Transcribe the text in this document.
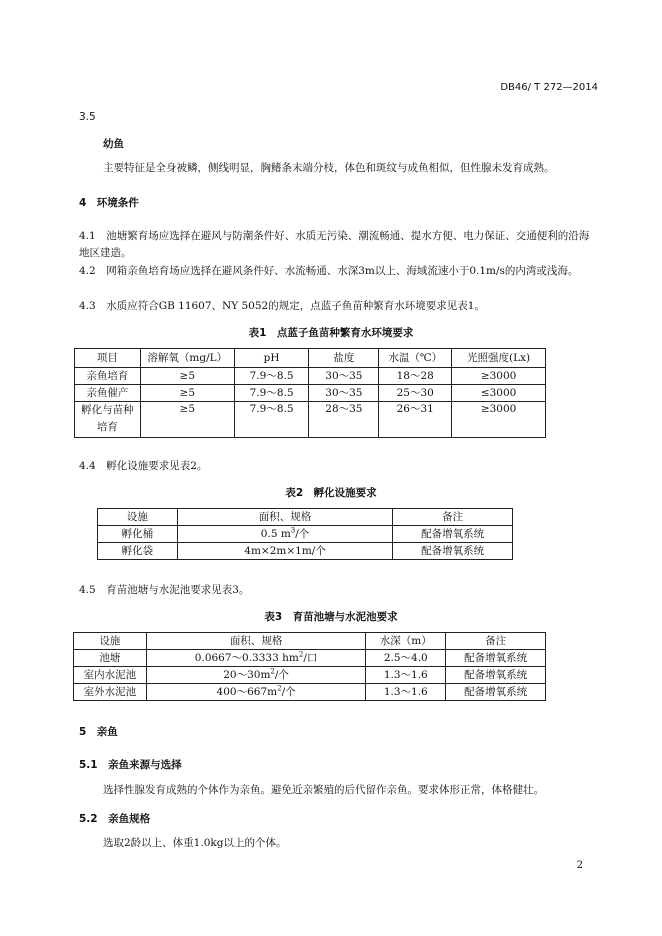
DB46/ T 272—2014
3.5
幼鱼
主要特征是全身被鳞，侧线明显，胸鳍条末端分枝，体色和斑纹与成鱼相似，但性腺未发育成熟。
4　环境条件
4.1　池塘繁育场应选择在避风与防潮条件好、水质无污染、潮流畅通、提水方便、电力保证、交通便利的沿海地区建造。
4.2　网箱亲鱼培育场应选择在避风条件好、水流畅通、水深3m以上、海域流速小于0.1m/s的内湾或浅海。
4.3　水质应符合GB 11607、NY 5052的规定，点蓝子鱼苗种繁育水环境要求见表1。
表1　点蓝子鱼苗种繁育水环境要求
项目	溶解氧（mg/L）	pH	盐度	水温（℃）	光照强度(Lx)
亲鱼培育	≥5	7.9～8.5	30～35	18～28	≥3000
亲鱼催产	≥5	7.9～8.5	30～35	25～30	≤3000
孵化与苗种培育	≥5	7.9～8.5	28～35	26～31	≥3000
4.4　孵化设施要求见表2。
表2　孵化设施要求
设施	面积、规格	备注
孵化桶	0.5 $m^3/$个	配备增氧系统
孵化袋	4m×2m×1m/个	配备增氧系统
4.5　育苗池塘与水泥池要求见表3。
表3　育苗池塘与水泥池要求
设施	面积、规格	水深（m）	备注
池塘	0.0667～0.3333 $hm^2/$口	2.5～4.0	配备增氧系统
室内水泥池	$20\sim 30m^2/$个	1.3～1.6	配备增氧系统
室外水泥池	$400\sim 667m^2/$个	1.3～1.6	配备增氧系统
5　亲鱼
5.1　亲鱼来源与选择
选择性腺发育成熟的个体作为亲鱼。避免近亲繁殖的后代留作亲鱼。要求体形正常，体格健壮。
5.2　亲鱼规格
选取2龄以上、体重1.0kg以上的个体。
2
